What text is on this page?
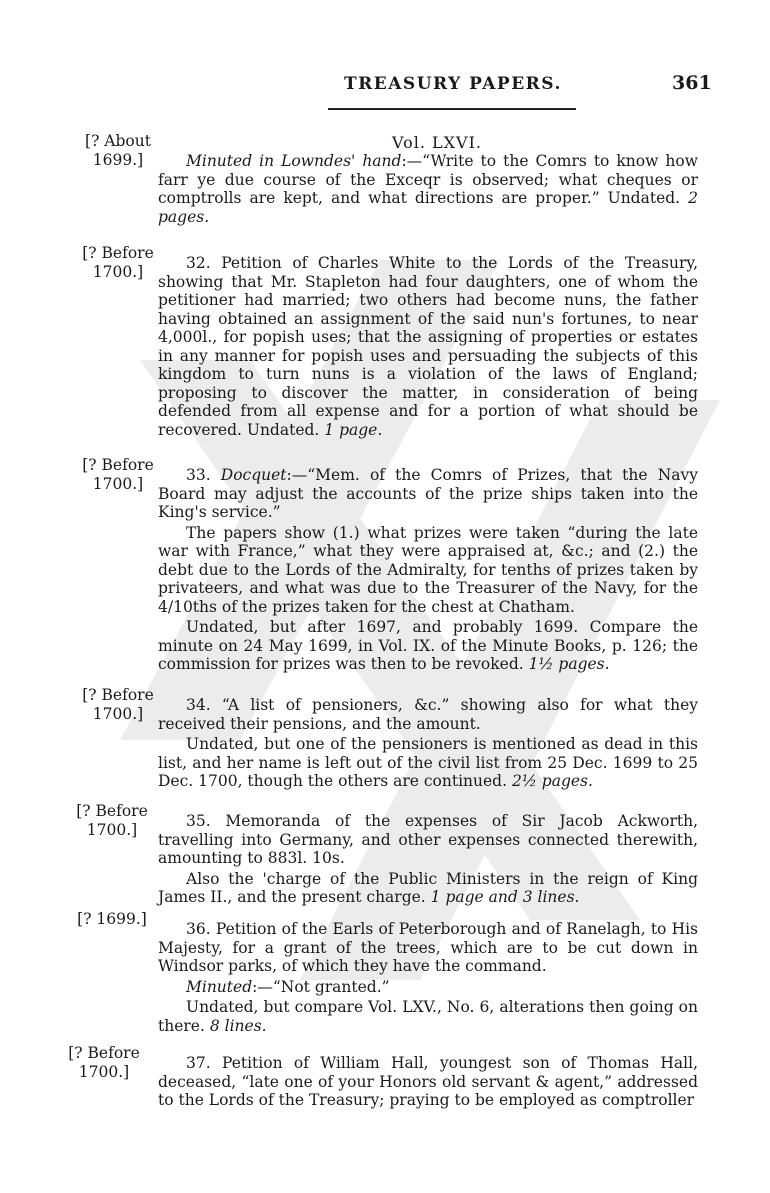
TREASURY PAPERS.	361
Vol. LXVI.
[? About 1699.]	Minuted in Lowndes' hand:—“Write to the Comrs to know how farr ye due course of the Exceqr is observed; what cheques or comptrolls are kept, and what directions are proper.” Undated. 2 pages.

[? Before 1700.]	32. Petition of Charles White to the Lords of the Treasury, showing that Mr. Stapleton had four daughters, one of whom the petitioner had married; two others had become nuns, the father having obtained an assignment of the said nun's fortunes, to near 4,000l., for popish uses; that the assigning of properties or estates in any manner for popish uses and persuading the subjects of this kingdom to turn nuns is a violation of the laws of England; proposing to discover the matter, in consideration of being defended from all expense and for a portion of what should be recovered. Undated. 1 page.

[? Before 1700.]	33. Docquet:—“Mem. of the Comrs of Prizes, that the Navy Board may adjust the accounts of the prize ships taken into the King's service.”

The papers show (1.) what prizes were taken “during the late war with France,” what they were appraised at, &c.; and (2.) the debt due to the Lords of the Admiralty, for tenths of prizes taken by privateers, and what was due to the Treasurer of the Navy, for the 4/10ths of the prizes taken for the chest at Chatham.

Undated, but after 1697, and probably 1699. Compare the minute on 24 May 1699, in Vol. IX. of the Minute Books, p. 126; the commission for prizes was then to be revoked. 1½ pages.

[? Before 1700.]	34. “A list of pensioners, &c.” showing also for what they received their pensions, and the amount.

Undated, but one of the pensioners is mentioned as dead in this list, and her name is left out of the civil list from 25 Dec. 1699 to 25 Dec. 1700, though the others are continued. 2½ pages.

[? Before 1700.]	35. Memoranda of the expenses of Sir Jacob Ackworth, travelling into Germany, and other expenses connected therewith, amounting to 883l. 10s.

Also the 'charge of the Public Ministers in the reign of King James II., and the present charge. 1 page and 3 lines.

[? 1699.]

36. Petition of the Earls of Peterborough and of Ranelagh, to His Majesty, for a grant of the trees, which are to be cut down in Windsor parks, of which they have the command.

Minuted:—“Not granted.”

Undated, but compare Vol. LXV., No. 6, alterations then going on there. 8 lines.

[? Before 1700.]	37. Petition of William Hall, youngest son of Thomas Hall, deceased, “late one of your Honors old servant & agent,” addressed to the Lords of the Treasury; praying to be employed as comptroller
